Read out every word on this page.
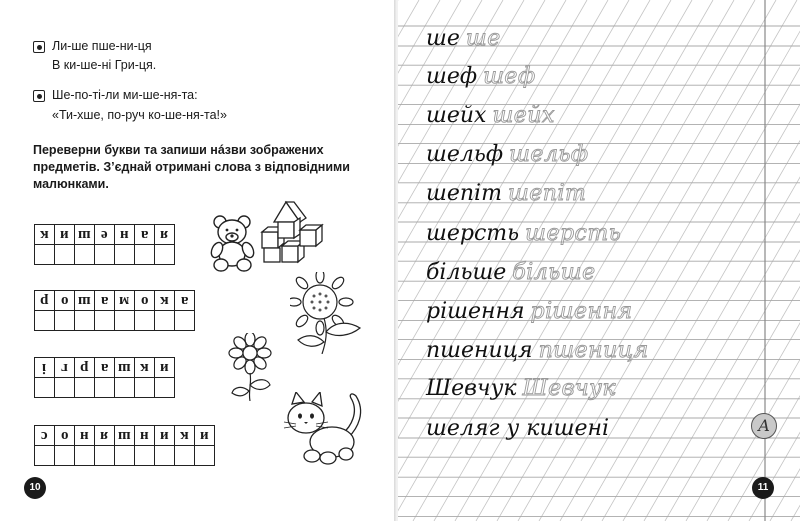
Ли-ше пше-ни-ця
В ки-ше-ні Гри-ця.
Ше-по-ті-ли ми-ше-ня-та:
«Ти-хше, по-руч ко-ше-ня-та!»
Переверни букви та запиши нáзви зображених предметів. З’єднай отримані слова з відповідними малюнками.
к	и	ш	е	н	а	я

р	о	ш	а	м	о	к	а

і	г	р	а	ш	к	и

с	о	н	я	ш	н	и	к	и

10
ше ше
шеф шеф
шейх шейх
шельф шельф
шепіт шепіт
шерсть шерсть
більше більше
рішення рішення
пшениця пшениця
Шевчук Шевчук
шеляг у кишені	А
11
